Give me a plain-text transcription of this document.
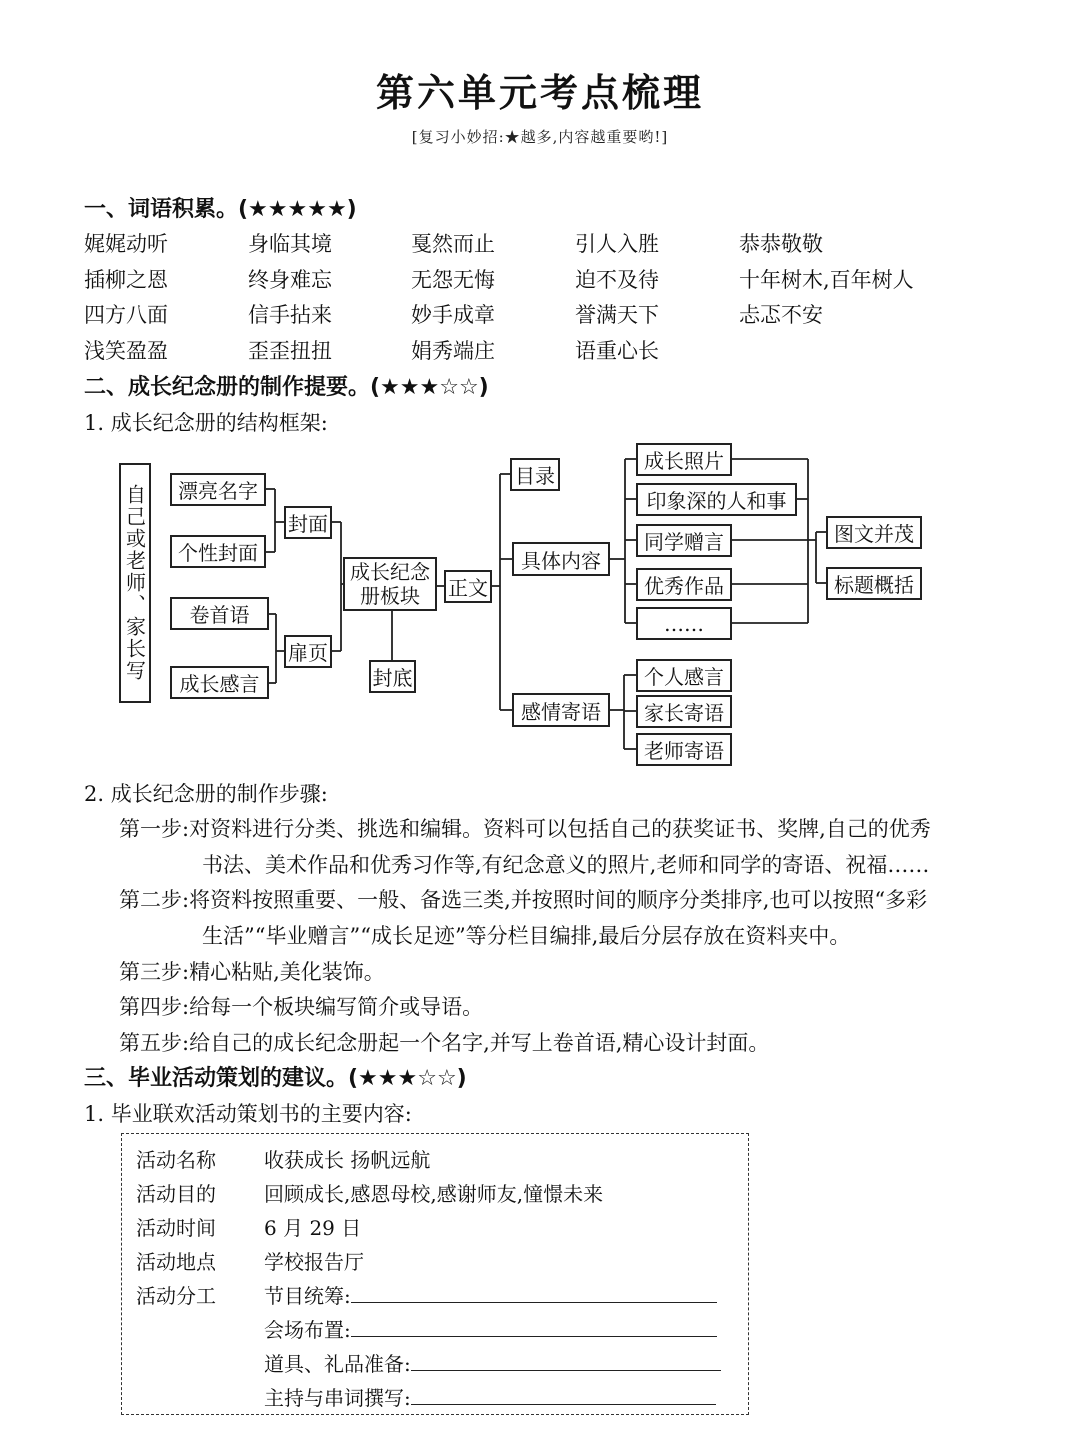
第六单元考点梳理
[复习小妙招:★越多,内容越重要哟!]
一、词语积累。(★★★★★)
娓娓动听	身临其境	戛然而止	引人入胜	恭恭敬敬
插柳之恩	终身难忘	无怨无悔	迫不及待	十年树木,百年树人
四方八面	信手拈来	妙手成章	誉满天下	忐忑不安
浅笑盈盈	歪歪扭扭	娟秀端庄	语重心长
二、成长纪念册的制作提要。(★★★☆☆)
1. 成长纪念册的结构框架:
自己或老师、家长写	漂亮名字
个性封面
卷首语
成长感言
封面
扉页
成长纪念册板块
封底
正文
目录
具体内容
感情寄语
成长照片
印象深的人和事
同学赠言
优秀作品
……
图文并茂
标题概括
个人感言
家长寄语
老师寄语
2. 成长纪念册的制作步骤:
第一步:对资料进行分类、挑选和编辑。资料可以包括自己的获奖证书、奖牌,自己的优秀
书法、美术作品和优秀习作等,有纪念意义的照片,老师和同学的寄语、祝福……
第二步:将资料按照重要、一般、备选三类,并按照时间的顺序分类排序,也可以按照“多彩
生活”“毕业赠言”“成长足迹”等分栏目编排,最后分层存放在资料夹中。
第三步:精心粘贴,美化装饰。
第四步:给每一个板块编写简介或导语。
第五步:给自己的成长纪念册起一个名字,并写上卷首语,精心设计封面。
三、毕业活动策划的建议。(★★★☆☆)
1. 毕业联欢活动策划书的主要内容:
活动名称 收获成长 扬帆远航
活动目的 回顾成长,感恩母校,感谢师友,憧憬未来
活动时间 6 月 29 日
活动地点 学校报告厅
活动分工 节目统筹:
会场布置:
道具、礼品准备:
主持与串词撰写:
